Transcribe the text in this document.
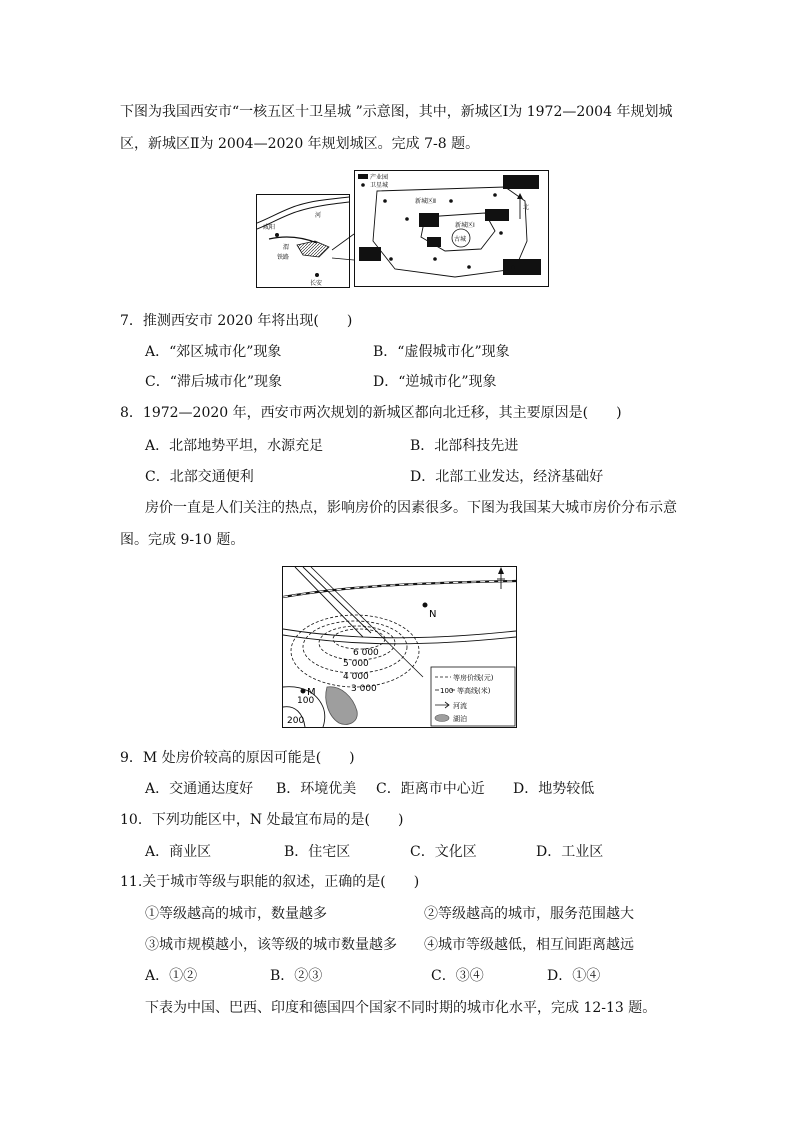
下图为我国西安市“一核五区十卫星城 ”示意图，其中，新城区Ⅰ为 1972—2004 年规划城
区，新城区Ⅱ为 2004—2020 年规划城区。完成 7-8 题。
咸阳
河
渭
铁路
长安
产业园
卫星城
新城区Ⅱ
新城区Ⅰ
古城
北
7．推测西安市 2020 年将出现(　　)
A．“郊区城市化”现象	B．“虚假城市化”现象
C．“滞后城市化”现象	D．“逆城市化”现象
8．1972—2020 年，西安市两次规划的新城区都向北迁移，其主要原因是(　　)
A．北部地势平坦，水源充足	B．北部科技先进
C．北部交通便利	D．北部工业发达，经济基础好
房价一直是人们关注的热点，影响房价的因素很多。下图为我国某大城市房价分布示意
图。完成 9-10 题。
6 000
5 000
4 000
3 000
100
200
M
N
等房价线(元)
100 等高线(米)
河流
湖泊
9．M 处房价较高的原因可能是(　　)
A．交通通达度好 B．环境优美 C．距离市中心近 D．地势较低
10．下列功能区中，N 处最宜布局的是(　　)
A．商业区	B．住宅区	C．文化区	D．工业区
11.关于城市等级与职能的叙述，正确的是(　　)
①等级越高的城市，数量越多	②等级越高的城市，服务范围越大
③城市规模越小，该等级的城市数量越多 ④城市等级越低，相互间距离越远
A．①②	B．②③	C．③④	D．①④
下表为中国、巴西、印度和德国四个国家不同时期的城市化水平，完成 12-13 题。
